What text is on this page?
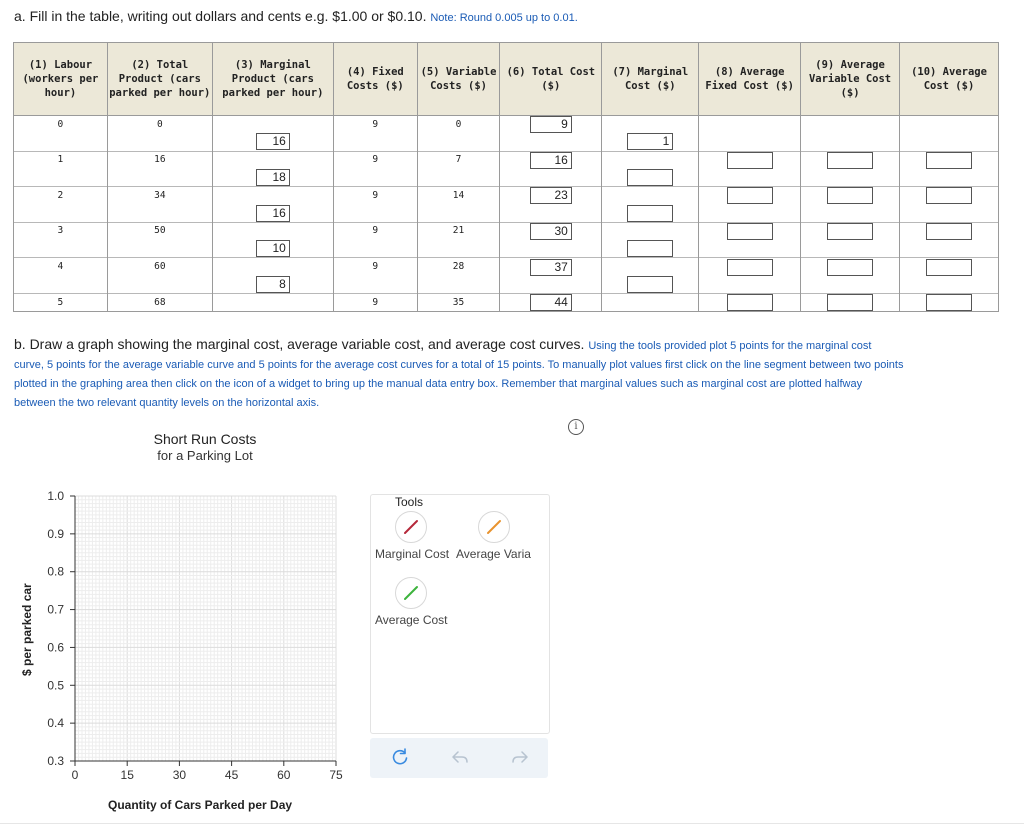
a. Fill in the table, writing out dollars and cents e.g. $1.00 or $0.10. Note: Round 0.005 up to 0.01.
(1) Labour (workers per hour)	(2) Total Product (cars parked per hour)	(3) Marginal Product (cars parked per hour)	(4) Fixed Costs ($)	(5) Variable Costs ($)	(6) Total Cost ($)	(7) Marginal Cost ($)	(8) Average Fixed Cost ($)	(9) Average Variable Cost ($)	(10) Average Cost ($)
0	0		9	0	9				
		16				1			
1	16		9	7	16				
		18							
2	34		9	14	23				
		16							
3	50		9	21	30				
		10							
4	60		9	28	37				
		8							
5	68		9	35	44				
b. Draw a graph showing the marginal cost, average variable cost, and average cost curves. Using the tools provided plot 5 points for the marginal cost curve, 5 points for the average variable curve and 5 points for the average cost curves for a total of 15 points. To manually plot values first click on the line segment between two points plotted in the graphing area then click on the icon of a widget to bring up the manual data entry box. Remember that marginal values such as marginal cost are plotted halfway between the two relevant quantity levels on the horizontal axis.
i
Short Run Costs
for a Parking Lot
1.0
0.9
0.8
0.7
0.6
0.5
0.4
0.3
0	15	30	45	60	75
$ per parked car
Quantity of Cars Parked per Day
Tools
Marginal Cost Average Varia
Average Cost
